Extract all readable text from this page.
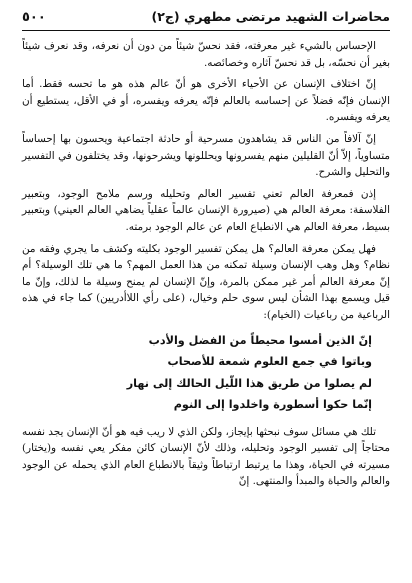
محاضرات الشهيد مرتضى مطهري (ج٢)
٥٠٠

الإحساس بالشيء غير معرفته، فقد نحسّ شيئاً من دون أن نعرفه، وقد نعرف شيئاً بغير أن نحسّه، بل قد نحسّ آثاره وخصائصه.

إنّ اختلاف الإنسان عن الأحياء الأخرى هو أنّ عالم هذه هو ما تحسه فقط. أما الإنسان فإنّه فضلاً عن إحساسه بالعالم فإنّه يعرفه ويفسره، أو في الأقل، يستطيع أن يعرفه ويفسره.

إنّ آلافاً من الناس قد يشاهدون مسرحية أو حادثة اجتماعية ويحسون بها إحساساً متساوياً، إلاّ أنّ القليلين منهم يفسرونها ويحللونها ويشرحونها، وقد يختلفون في التفسير والتحليل والشرح.

إذن فمعرفة العالم تعني تفسير العالم وتحليله ورسم ملامح الوجود، وبتعبير الفلاسفة: معرفة العالم هي (صيرورة الإنسان عالماً عقلياً يضاهي العالم العيني) وبتعبير بسيط، معرفة العالم هي الانطباع العام عن عالم الوجود برمته.

فهل يمكن معرفة العالم؟ هل يمكن تفسير الوجود بكليته وكشف ما يجري وفقه من نظام؟ وهل وهب الإنسان وسيلة تمكنه من هذا العمل المهم؟ ما هي تلك الوسيلة؟ أم إنّ معرفة العالم أمر غير ممكن بالمرة، وإنّ الإنسان لم يمنح وسيلة ما لذلك، وإنّ ما قيل ويسمع بهذا الشأن ليس سوى حلم وخيال، (على رأي اللاأدريين) كما جاء في هذه الرباعية من رباعيات (الخيام):

إنّ الذين أمسوا محيطاً من الفضل والأدب
وباتوا في جمع العلوم شمعة للأصحاب
لم يصلوا من طريق هذا اللّيل الحالك إلى نهار
إنّما حكوا أسطورة واخلدوا إلى النوم

تلك هي مسائل سوف نبحثها بإيجاز، ولكن الذي لا ريب فيه هو أنّ الإنسان يجد نفسه محتاجاً إلى تفسير الوجود وتحليله، وذلك لأنّ الإنسان كائن مفكر يعي نفسه و(يختار) مسيرته في الحياة، وهذا ما يرتبط ارتباطاً وثيقاً بالانطباع العام الذي يحمله عن الوجود والعالم والحياة والمبدأ والمنتهى. إنّ
